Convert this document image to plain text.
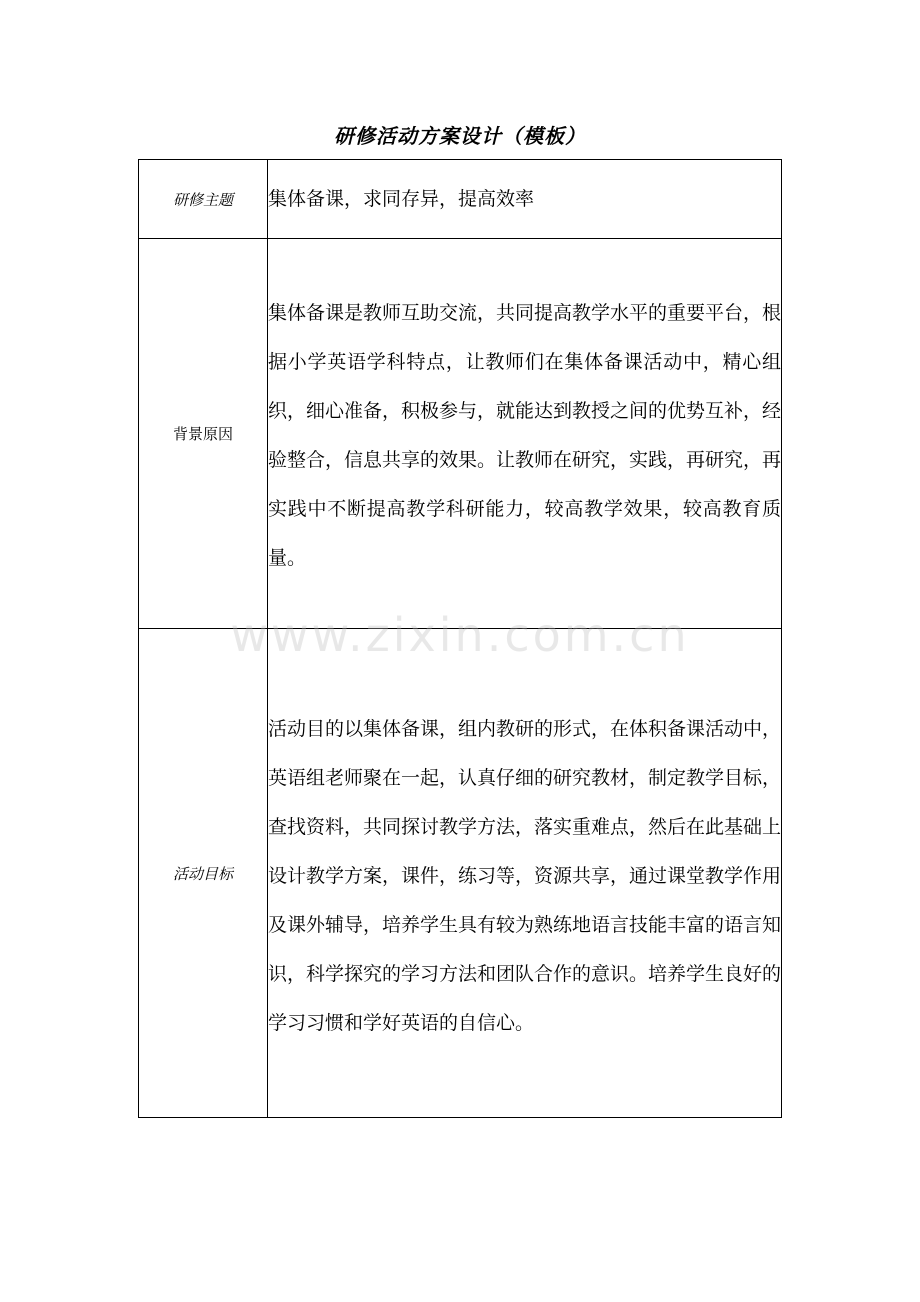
研修活动方案设计（模板）
研修主题	集体备课，求同存异，提高效率
背景原因	集体备课是教师互助交流，共同提高教学水平的重要平台，根据小学英语学科特点，让教师们在集体备课活动中，精心组织，细心准备，积极参与，就能达到教授之间的优势互补，经验整合，信息共享的效果。让教师在研究，实践，再研究，再实践中不断提高教学科研能力，较高教学效果，较高教育质量。
活动目标	活动目的以集体备课，组内教研的形式，在体积备课活动中，英语组老师聚在一起，认真仔细的研究教材，制定教学目标，查找资料，共同探讨教学方法，落实重难点，然后在此基础上设计教学方案，课件，练习等，资源共享，通过课堂教学作用及课外辅导，培养学生具有较为熟练地语言技能丰富的语言知识，科学探究的学习方法和团队合作的意识。培养学生良好的学习习惯和学好英语的自信心。
www.zixin.com.cn
